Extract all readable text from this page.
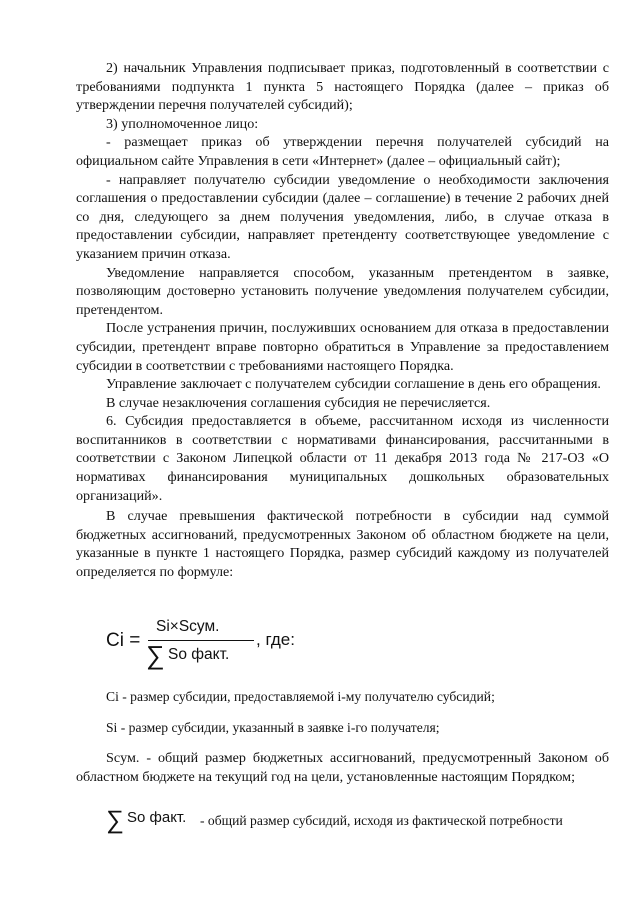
2) начальник Управления подписывает приказ, подготовленный в соответствии с требованиями подпункта 1 пункта 5 настоящего Порядка (далее – приказ об утверждении перечня получателей субсидий);

3) уполномоченное лицо:

- размещает приказ об утверждении перечня получателей субсидий на официальном сайте Управления в сети «Интернет» (далее – официальный сайт);

- направляет получателю субсидии уведомление о необходимости заключения соглашения о предоставлении субсидии (далее – соглашение) в течение 2 рабочих дней со дня, следующего за днем получения уведомления, либо, в случае отказа в предоставлении субсидии, направляет претенденту соответствующее уведомление с указанием причин отказа.

Уведомление направляется способом, указанным претендентом в заявке, позволяющим достоверно установить получение уведомления получателем субсидии, претендентом.

После устранения причин, послуживших основанием для отказа в предоставлении субсидии, претендент вправе повторно обратиться в Управление за предоставлением субсидии в соответствии с требованиями настоящего Порядка.

Управление заключает с получателем субсидии соглашение в день его обращения.

В случае незаключения соглашения субсидия не перечисляется.

6. Субсидия предоставляется в объеме, рассчитанном исходя из численности воспитанников в соответствии с нормативами финансирования, рассчитанными в соответствии с Законом Липецкой области от 11 декабря 2013 года № 217-ОЗ «О нормативах финансирования муниципальных дошкольных образовательных организаций».

В случае превышения фактической потребности в субсидии над суммой бюджетных ассигнований, предусмотренных Законом об областном бюджете на цели, указанные в пункте 1 настоящего Порядка, размер субсидий каждому из получателей определяется по формуле:

Ci =
Si×Scум.
∑ So факт.
, где:
Ci - размер субсидии, предоставляемой i-му получателю субсидий;
Si - размер субсидии, указанный в заявке i-го получателя;
Scум. - общий размер бюджетных ассигнований, предусмотренный Законом об областном бюджете на текущий год на цели, установленные настоящим Порядком;
∑ So факт. - общий размер субсидий, исходя из фактической потребности
